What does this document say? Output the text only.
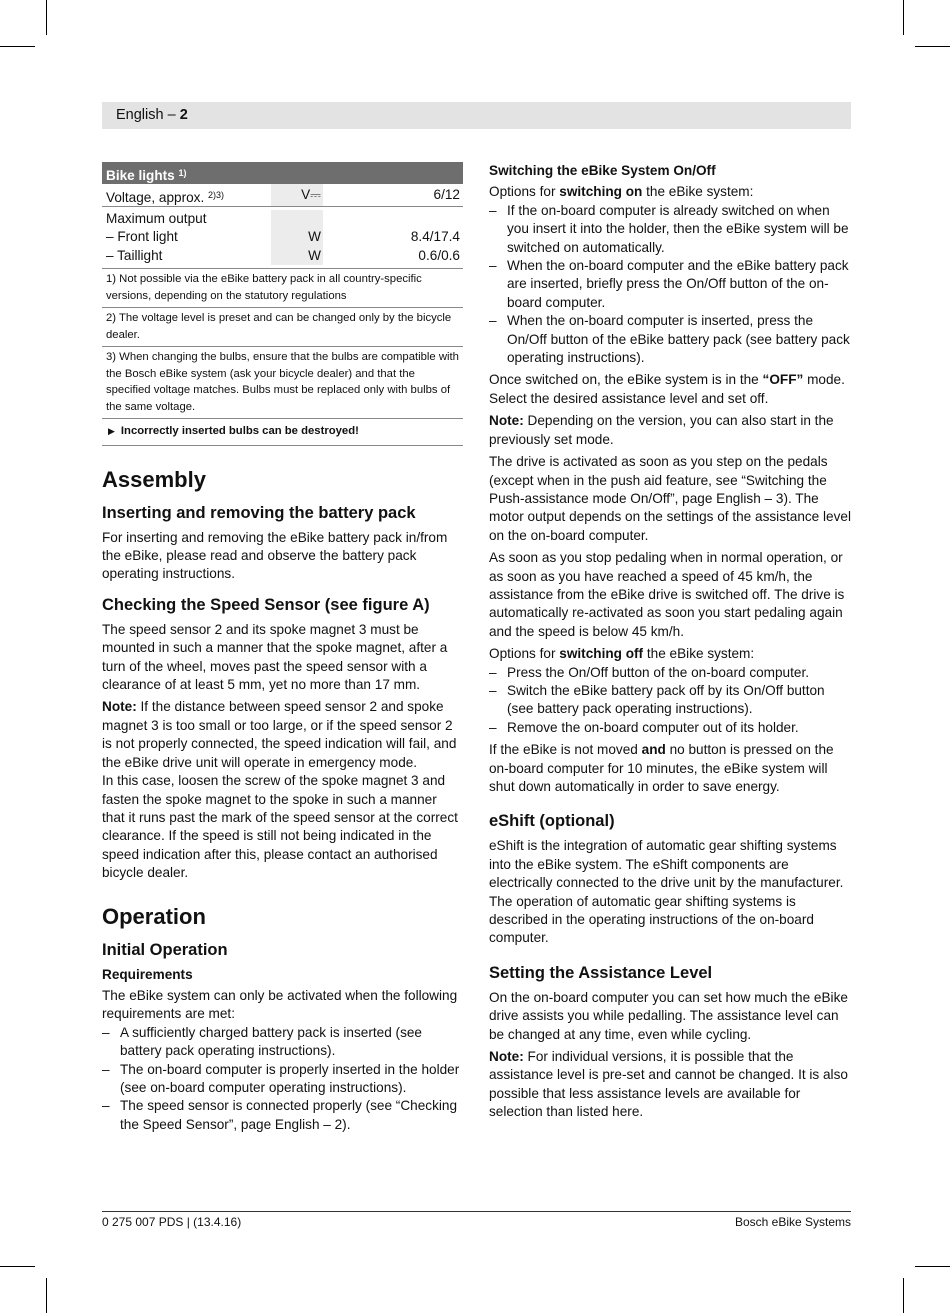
English – 2
Bike lights $^{1)}$
Voltage, approx. $^{2)3)}$	V⎓	6/12
Maximum output

– Front light	W	8.4/17.4
– Taillight	W	0.6/0.6
1) Not possible via the eBike battery pack in all country-specific versions, depending on the statutory regulations
2) The voltage level is preset and can be changed only by the bicycle dealer.
3) When changing the bulbs, ensure that the bulbs are compatible with the Bosch eBike system (ask your bicycle dealer) and that the specified voltage matches. Bulbs must be replaced only with bulbs of the same voltage.
▶ Incorrectly inserted bulbs can be destroyed!
Assembly
Inserting and removing the battery pack

For inserting and removing the eBike battery pack in/from the eBike, please read and observe the battery pack operating instructions.

Checking the Speed Sensor (see figure A)

The speed sensor 2 and its spoke magnet 3 must be mounted in such a manner that the spoke magnet, after a turn of the wheel, moves past the speed sensor with a clearance of at least 5 mm, yet no more than 17 mm.

Note: If the distance between speed sensor 2 and spoke magnet 3 is too small or too large, or if the speed sensor 2 is not properly connected, the speed indication will fail, and the eBike drive unit will operate in emergency mode.

In this case, loosen the screw of the spoke magnet 3 and fasten the spoke magnet to the spoke in such a manner that it runs past the mark of the speed sensor at the correct clearance. If the speed is still not being indicated in the speed indication after this, please contact an authorised bicycle dealer.

Operation
Initial Operation
Requirements

The eBike system can only be activated when the following requirements are met:

– A sufficiently charged battery pack is inserted (see battery pack operating instructions).
– The on-board computer is properly inserted in the holder (see on-board computer operating instructions).
– The speed sensor is connected properly (see “Checking the Speed Sensor”, page English – 2).
Switching the eBike System On/Off

Options for switching on the eBike system:

– If the on-board computer is already switched on when you insert it into the holder, then the eBike system will be switched on automatically.
– When the on-board computer and the eBike battery pack are inserted, briefly press the On/Off button of the on-board computer.
– When the on-board computer is inserted, press the On/Off button of the eBike battery pack (see battery pack operating instructions).

Once switched on, the eBike system is in the “OFF” mode. Select the desired assistance level and set off.

Note: Depending on the version, you can also start in the previously set mode.

The drive is activated as soon as you step on the pedals (except when in the push aid feature, see “Switching the Push-assistance mode On/Off”, page English – 3). The motor output depends on the settings of the assistance level on the on-board computer.

As soon as you stop pedaling when in normal operation, or as soon as you have reached a speed of 45 km/h, the assistance from the eBike drive is switched off. The drive is automatically re-activated as soon you start pedaling again and the speed is below 45 km/h.

Options for switching off the eBike system:

– Press the On/Off button of the on-board computer.
– Switch the eBike battery pack off by its On/Off button (see battery pack operating instructions).
– Remove the on-board computer out of its holder.

If the eBike is not moved and no button is pressed on the on-board computer for 10 minutes, the eBike system will shut down automatically in order to save energy.

eShift (optional)

eShift is the integration of automatic gear shifting systems into the eBike system. The eShift components are electrically connected to the drive unit by the manufacturer. The operation of automatic gear shifting systems is described in the operating instructions of the on-board computer.

Setting the Assistance Level

On the on-board computer you can set how much the eBike drive assists you while pedalling. The assistance level can be changed at any time, even while cycling.

Note: For individual versions, it is possible that the assistance level is pre-set and cannot be changed. It is also possible that less assistance levels are available for selection than listed here.

0 275 007 PDS | (13.4.16)	Bosch eBike Systems
